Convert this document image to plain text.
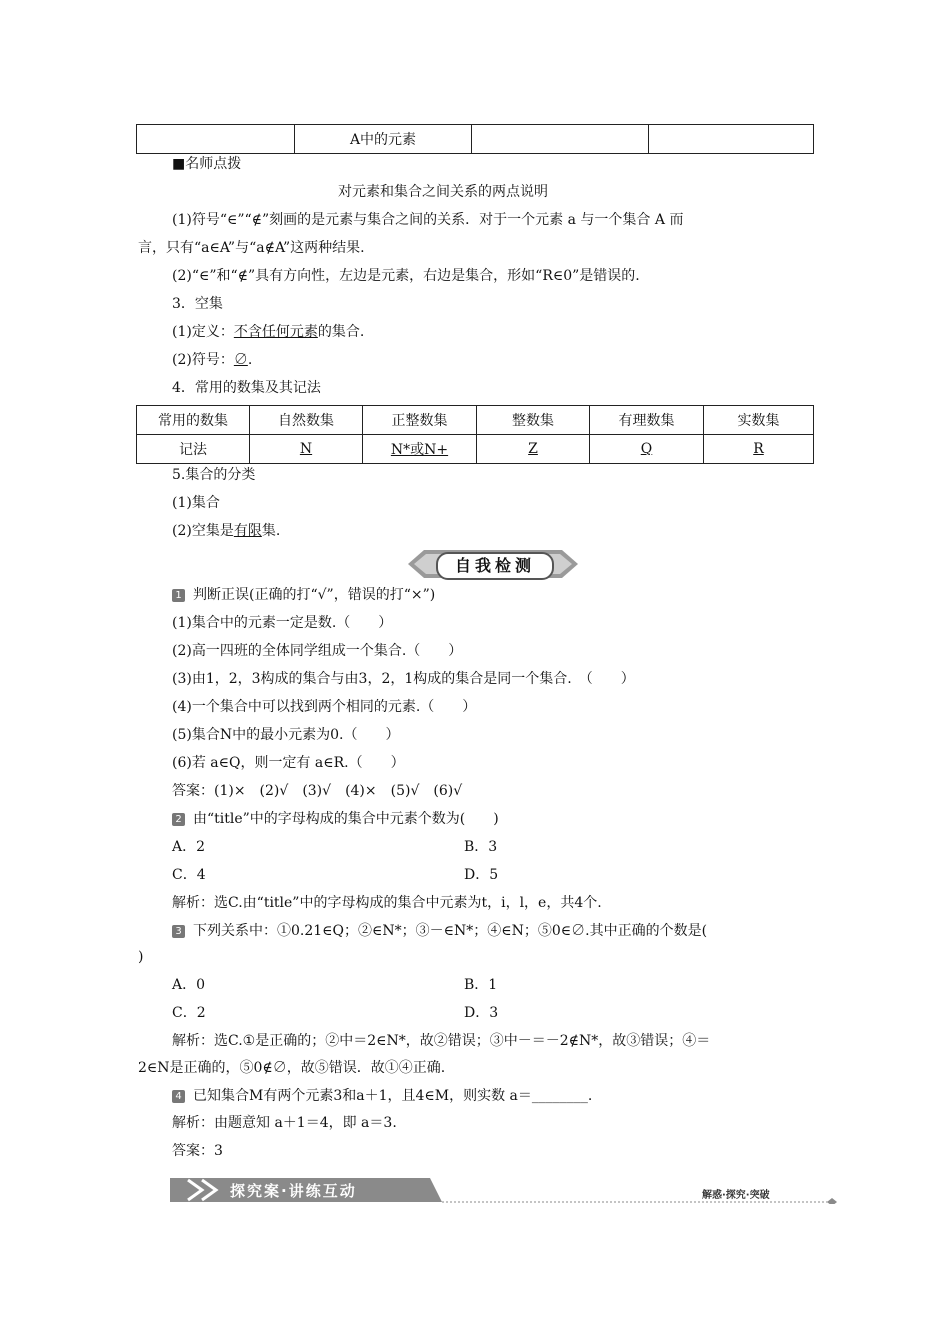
	A中的元素		
■名师点拨
对元素和集合之间关系的两点说明
(1)符号“∈”“∉”刻画的是元素与集合之间的关系．对于一个元素 a 与一个集合 A 而
言，只有“a∈A”与“a∉A”这两种结果.
(2)“∈”和“∉”具有方向性，左边是元素，右边是集合，形如“R∈0”是错误的.
3．空集
(1)定义：不含任何元素的集合.
(2)符号：∅.
4．常用的数集及其记法
常用的数集	自然数集	正整数集	整数集	有理数集	实数集
记法	N	N*或N+	Z	Q	R
5.集合的分类
(1)集合
(2)空集是有限集.
自我检测
1 判断正误(正确的打“√”，错误的打“×”)
(1)集合中的元素一定是数.（　　）
(2)高一四班的全体同学组成一个集合.（　　）
(3)由1，2，3构成的集合与由3，2，1构成的集合是同一个集合.　（　　）
(4)一个集合中可以找到两个相同的元素.（　　）
(5)集合N中的最小元素为0.（　　）
(6)若 a∈Q，则一定有 a∈R.（　　）
答案：(1)×　(2)√　(3)√　(4)×　(5)√　(6)√
2 由“title”中的字母构成的集合中元素个数为(　　)
A．2	B．3
C．4	D．5
解析：选C.由“title”中的字母构成的集合中元素为t，i，l，e，共4个.
3 下列关系中：①0.21∈Q；②∈N*；③－∈N*；④∈N；⑤0∈∅.其中正确的个数是(
)
A．0	B．1
C．2	D．3
解析：选C.①是正确的；②中＝2∈N*，故②错误；③中－＝－2∉N*，故③错误；④＝
2∈N是正确的，⑤0∉∅，故⑤错误．故①④正确.
4 已知集合M有两个元素3和a＋1，且4∈M，则实数 a＝________.
解析：由题意知 a＋1＝4，即 a＝3.
答案：3
探究案·讲练互动	解惑·探究·突破
